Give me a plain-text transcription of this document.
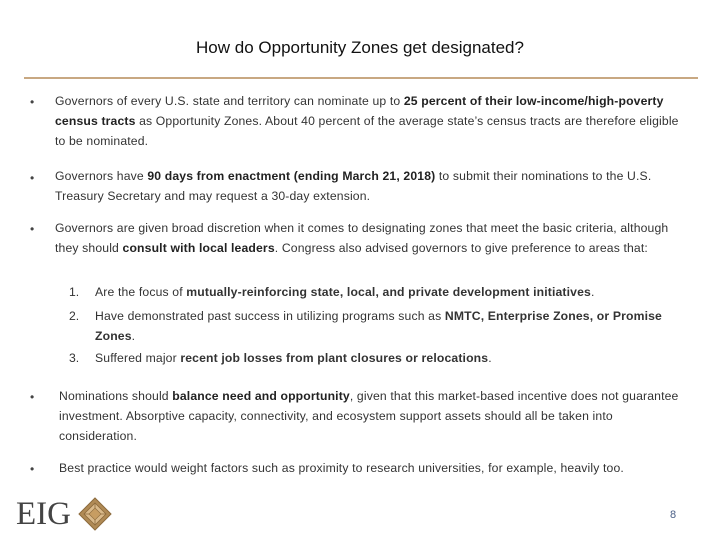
How do Opportunity Zones get designated?
• Governors of every U.S. state and territory can nominate up to 25 percent of their low-income/high-poverty census tracts as Opportunity Zones. About 40 percent of the average state’s census tracts are therefore eligible to be nominated.
• Governors have 90 days from enactment (ending March 21, 2018) to submit their nominations to the U.S. Treasury Secretary and may request a 30-day extension.
• Governors are given broad discretion when it comes to designating zones that meet the basic criteria, although they should consult with local leaders. Congress also advised governors to give preference to areas that:
1. Are the focus of mutually-reinforcing state, local, and private development initiatives.
2. Have demonstrated past success in utilizing programs such as NMTC, Enterprise Zones, or Promise Zones.
3. Suffered major recent job losses from plant closures or relocations.
• Nominations should balance need and opportunity, given that this market-based incentive does not guarantee investment. Absorptive capacity, connectivity, and ecosystem support assets should all be taken into consideration.
• Best practice would weight factors such as proximity to research universities, for example, heavily too.
EIG	8
